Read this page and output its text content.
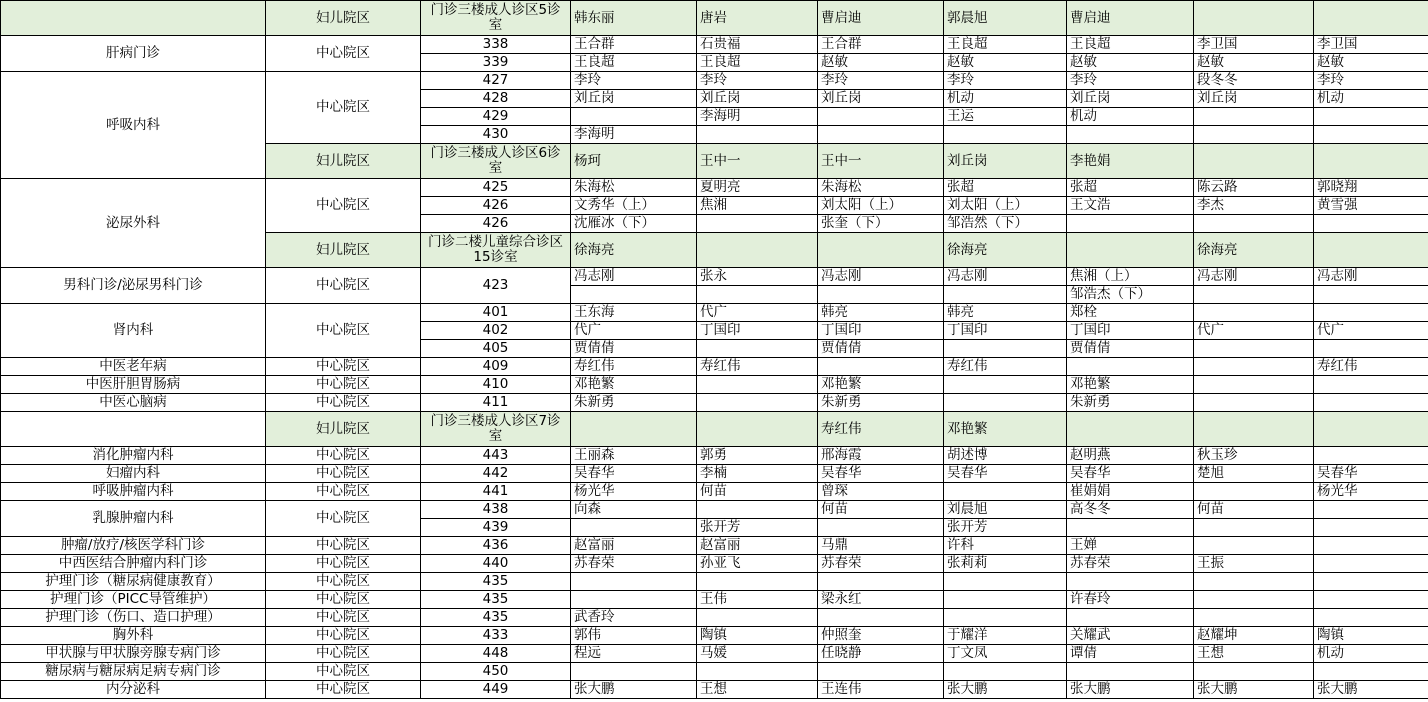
	妇儿院区	门诊三楼成人诊区5诊室	韩东丽	唐岩	曹启迪	郭晨旭	曹启迪		
肝病门诊	中心院区	338	王合群	石贵福	王合群	王良超	王良超	李卫国	李卫国
		339	王良超	王良超	赵敏	赵敏	赵敏	赵敏	赵敏
呼吸内科	中心院区	427	李玲	李玲	李玲	李玲	李玲	段冬冬	李玲
		428	刘丘岗	刘丘岗	刘丘岗	机动	刘丘岗	刘丘岗	机动
		429		李海明		王运	机动		
		430	李海明						
	妇儿院区	门诊三楼成人诊区6诊室	杨珂	王中一	王中一	刘丘岗	李艳娟		
泌尿外科	中心院区	425	朱海松	夏明亮	朱海松	张超	张超	陈云路	郭晓翔
		426	文秀华（上）	焦湘	刘太阳（上）	刘太阳（上）	王文浩	李杰	黄雪强
		426	沈雁冰（下）		张奎（下）	邹浩然（下）			
	妇儿院区	门诊二楼儿童综合诊区15诊室	徐海亮			徐海亮		徐海亮	
男科门诊/泌尿男科门诊	中心院区	423	冯志刚	张永	冯志刚	冯志刚	焦湘（上）	冯志刚	冯志刚
							邹浩杰（下）		
肾内科	中心院区	401	王东海	代广	韩亮	韩亮	郑栓		
		402	代广	丁国印	丁国印	丁国印	丁国印	代广	代广
		405	贾倩倩		贾倩倩		贾倩倩		
中医老年病	中心院区	409	寿红伟	寿红伟		寿红伟			寿红伟
中医肝胆胃肠病	中心院区	410	邓艳繁		邓艳繁		邓艳繁		
中医心脑病	中心院区	411	朱新勇		朱新勇		朱新勇		
	妇儿院区	门诊三楼成人诊区7诊室			寿红伟	邓艳繁			
消化肿瘤内科	中心院区	443	王丽森	郭勇	邢海霞	胡述博	赵明燕	秋玉珍	
妇瘤内科	中心院区	442	吴春华	李楠	吴春华	吴春华	吴春华	楚旭	吴春华
呼吸肿瘤内科	中心院区	441	杨光华	何苗	曾琛		崔娟娟		杨光华
乳腺肿瘤内科	中心院区	438	向森		何苗	刘晨旭	高冬冬	何苗	
		439		张开芳		张开芳			
肿瘤/放疗/核医学科门诊	中心院区	436	赵富丽	赵富丽	马鼎	许科	王婵		
中西医结合肿瘤内科门诊	中心院区	440	苏春荣	孙亚飞	苏春荣	张莉莉	苏春荣	王振	
护理门诊（糖尿病健康教育）	中心院区	435							
护理门诊（PICC导管维护）	中心院区	435		王伟	梁永红		许春玲		
护理门诊（伤口、造口护理）	中心院区	435	武香玲						
胸外科	中心院区	433	郭伟	陶镇	仲照奎	于耀洋	关耀武	赵耀坤	陶镇
甲状腺与甲状腺旁腺专病门诊	中心院区	448	程远	马媛	任晓静	丁文凤	谭倩	王想	机动
糖尿病与糖尿病足病专病门诊	中心院区	450							
内分泌科	中心院区	449	张大鹏	王想	王连伟	张大鹏	张大鹏	张大鹏	张大鹏
